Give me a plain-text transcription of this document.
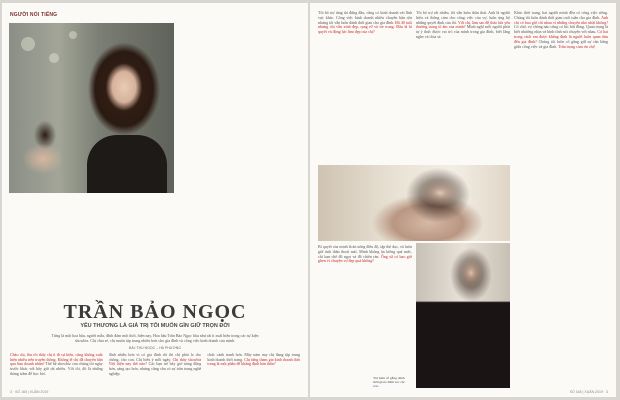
NGƯỜI NỔI TIẾNG
TRẦN BẢO NGỌC
YÊU THƯƠNG LÀ GIÁ TRỊ TÔI MUỐN GÌN GIỮ TRỌN ĐỜI
Từng là một hoa hậu, người mẫu, đĩnh đám một thời, hiện nay, Hoa hậu Trần Bảo Ngọc hầu như rất ít xuất hiện trong các sự kiện showbiz. Chị chia sẻ, chị muốn tập trung nhiều hơn cho gia đình và công việc kinh doanh của mình.
BÀI: THU NGỌC – HÀ PHƯƠNG
Chào chị, lâu rồi thấy chị ít đi sự kiện, cũng không xuất hiện nhiều trên truyền thông. Không lẽ chị đã chuyển hẳn qua làm doanh nhân? Thế hệ showbiz của chúng tôi ngày trước khác với bây giờ rất nhiều. Với tôi, đó là những thăng trầm để học hỏi.
đình nhiều hơn vì có gia đình rồi thì chị phải lo cho chồng, cho con. Chị hiểu ý mỗi ngày. Chị thấy showbiz Việt hiện nay thế nào? Các bạn trẻ bây giờ năng động hơn, sáng tạo hơn, nhưng cũng cần có sự trân trọng nghề nghiệp.
chức cảnh tranh hơn. Mấy năm nay chị đang tập trung kinh doanh thời trang. Chị từng tham gia kinh doanh thời trang là một phần để khẳng định bản thân?
3 · SỐ 165 | XUÂN 2019
Tôi bổ trợ tăng tài đứng đầu, cũng có kinh doanh vài lĩnh vực khác. Công việc kinh doanh nhiều chuyên bận rộn nhưng tôi vẫn luôn dành thời gian cho gia đình. Đã 40 tuổi nhưng chị vẫn xinh đẹp, rạng rỡ và trẻ trung. Đâu là bí quyết và động lực làm đẹp của chị?
Tôi bổ trợ rất nhiều, tôi vẫn luôn thần thái. Anh là người hiểu và thông cảm cho công việc của vợ, luôn ủng hộ những quyết định của tôi. Với chị, làm sao để tháo lửa yêu thương trong tổ ấm của mình? Mình nghĩ mỗi người phải tự ý thức được vai trò của mình trong gia đình, biết lắng nghe và chia sẻ.
Khác thời trang, hai người mình đều có công việc riêng. Chúng tôi luôn dành thời gian cuối tuần cho gia đình. Anh chị có bao giờ cãi nhau vì những chuyện nhỏ nhặt không? Có chứ, vợ chồng nào cũng có lúc bất đồng. Quan trọng là biết nhường nhịn và bình tĩnh nói chuyện với nhau. Có hai trong cách em được khẳng định là người luôn quan tâm đến gia đình? Chúng tôi luôn cố gắng giữ sự cân bằng giữa công việc và gia đình. Trân trọng cảm ơn chị!
Bí quyết của mình là ăn uống điều độ, tập thể dục, và luôn giữ tinh thần thoải mái. Mình không ăn kiêng quá mức, chỉ hạn chế đồ ngọt và đồ chiên rán. Ông xã có bao giờ ghen vì chuyện vợ đẹp quá không?
Tôi luôn cố gắng dành thời gian chăm sóc các con.
SỐ 165 | XUÂN 2019 · 3
